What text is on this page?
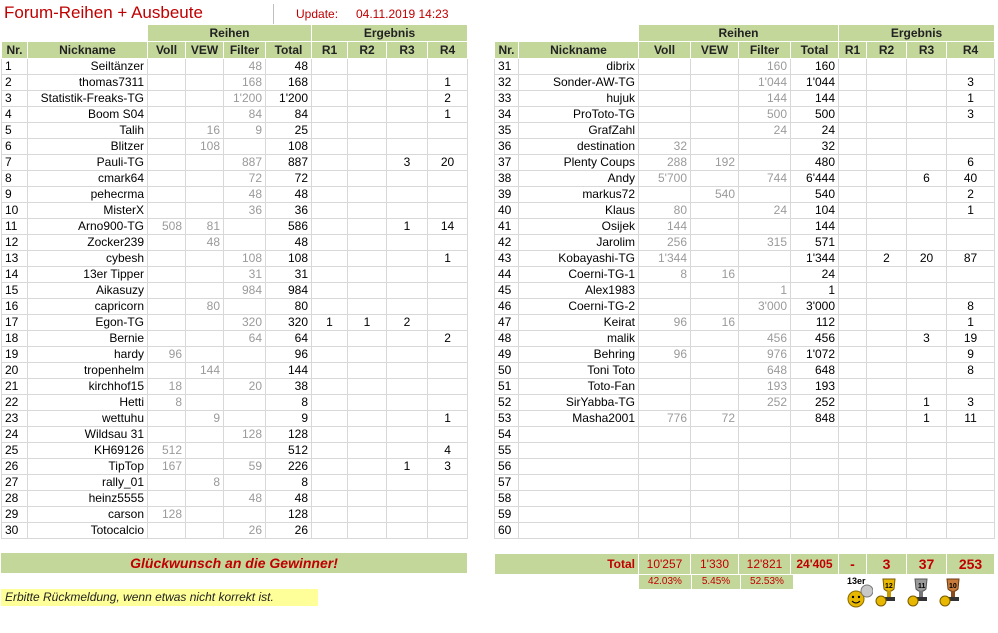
Forum-Reihen + Ausbeute	Update: 04.11.2019 14:23
		Reihen				Ergebnis			
Nr.	Nickname	Voll	VEW	Filter	Total	R1	R2	R3	R4
1	Seiltänzer			48	48				
2	thomas7311			168	168				1
3	Statistik-Freaks-TG			1'200	1'200				2
4	Boom S04			84	84				1
5	Talih		16	9	25				
6	Blitzer		108		108				
7	Pauli-TG			887	887			3	20
8	cmark64			72	72				
9	pehecrma			48	48				
10	MisterX			36	36				
11	Arno900-TG	508	81		586			1	14
12	Zocker239		48		48				
13	cybesh			108	108				1
14	13er Tipper			31	31				
15	Aikasuzy			984	984				
16	capricorn		80		80				
17	Egon-TG			320	320	1	1	2	
18	Bernie			64	64				2
19	hardy	96			96				
20	tropenhelm		144		144				
21	kirchhof15	18		20	38				
22	Hetti	8			8				
23	wettuhu		9		9				1
24	Wildsau 31			128	128				
25	KH69126	512			512				4
26	TipTop	167		59	226			1	3
27	rally_01		8		8				
28	heinz5555			48	48				
29	carson	128			128				
30	Totocalcio			26	26				
		Reihen				Ergebnis			
Nr.	Nickname	Voll	VEW	Filter	Total	R1	R2	R3	R4
31	dibrix			160	160				
32	Sonder-AW-TG			1'044	1'044				3
33	hujuk			144	144				1
34	ProToto-TG			500	500				3
35	GrafZahl			24	24				
36	destination	32			32				
37	Plenty Coups	288	192		480				6
38	Andy	5'700		744	6'444			6	40
39	markus72		540		540				2
40	Klaus	80		24	104				1
41	Osijek	144			144				
42	Jarolim	256		315	571				
43	Kobayashi-TG	1'344			1'344		2	20	87
44	Coerni-TG-1	8	16		24				
45	Alex1983			1	1				
46	Coerni-TG-2			3'000	3'000				8
47	Keirat	96	16		112				1
48	malik			456	456			3	19
49	Behring	96		976	1'072				9
50	Toni Toto			648	648				8
51	Toto-Fan			193	193				
52	SirYabba-TG			252	252			1	3
53	Masha2001	776	72		848			1	11
54									
55									
56									
57									
58									
59									
60									
Glückwunsch an die Gewinner!
Erbitte Rückmeldung, wenn etwas nicht korrekt ist.
Total	10'257	1'330	12'821	24'405	-	3	37	253
42.03%	5.45%	52.53%	13er
12	11	10
